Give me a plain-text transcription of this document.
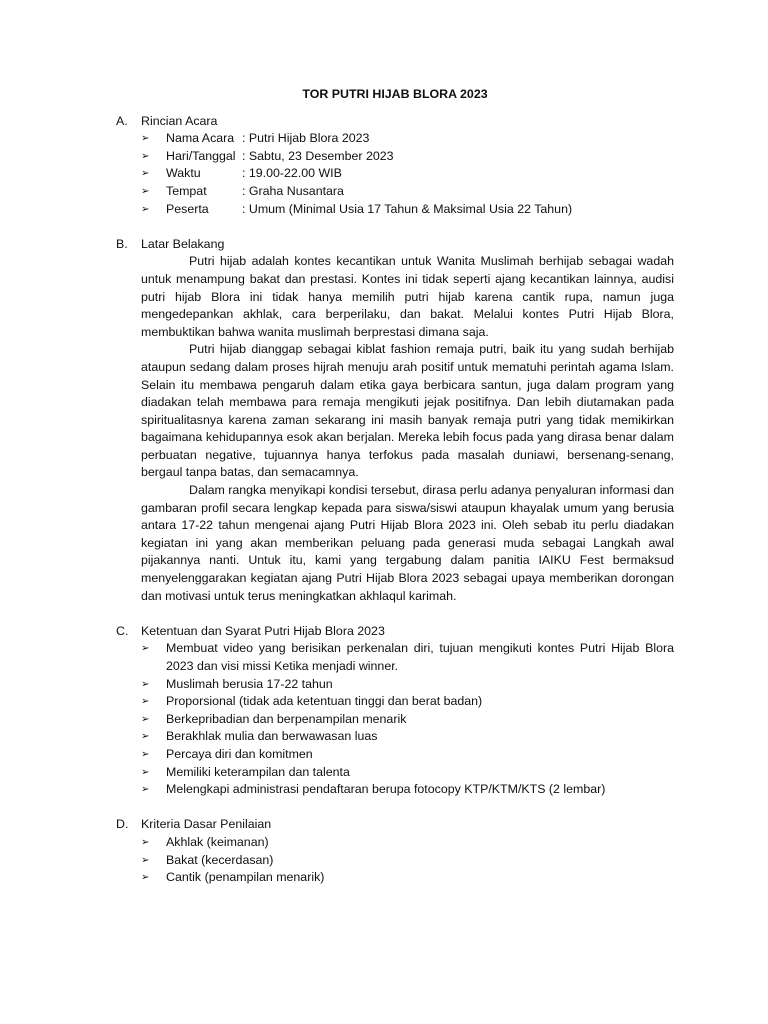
TOR PUTRI HIJAB BLORA 2023
A.	Rincian Acara
➢	Nama Acara : Putri Hijab Blora 2023
➢	Hari/Tanggal : Sabtu, 23 Desember 2023
➢	Waktu	: 19.00-22.00 WIB
➢	Tempat	: Graha Nusantara
➢	Peserta	: Umum (Minimal Usia 17 Tahun & Maksimal Usia 22 Tahun)
B.	Latar Belakang

Putri hijab adalah kontes kecantikan untuk Wanita Muslimah berhijab sebagai wadah untuk menampung bakat dan prestasi. Kontes ini tidak seperti ajang kecantikan lainnya, audisi putri hijab Blora ini tidak hanya memilih putri hijab karena cantik rupa, namun juga mengedepankan akhlak, cara berperilaku, dan bakat. Melalui kontes Putri Hijab Blora, membuktikan bahwa wanita muslimah berprestasi dimana saja.

Putri hijab dianggap sebagai kiblat fashion remaja putri, baik itu yang sudah berhijab ataupun sedang dalam proses hijrah menuju arah positif untuk mematuhi perintah agama Islam. Selain itu membawa pengaruh dalam etika gaya berbicara santun, juga dalam program yang diadakan telah membawa para remaja mengikuti jejak positifnya. Dan lebih diutamakan pada spiritualitasnya karena zaman sekarang ini masih banyak remaja putri yang tidak memikirkan bagaimana kehidupannya esok akan berjalan. Mereka lebih focus pada yang dirasa benar dalam perbuatan negative, tujuannya hanya terfokus pada masalah duniawi, bersenang-senang, bergaul tanpa batas, dan semacamnya.

Dalam rangka menyikapi kondisi tersebut, dirasa perlu adanya penyaluran informasi dan gambaran profil secara lengkap kepada para siswa/siswi ataupun khayalak umum yang berusia antara 17-22 tahun mengenai ajang Putri Hijab Blora 2023 ini. Oleh sebab itu perlu diadakan kegiatan ini yang akan memberikan peluang pada generasi muda sebagai Langkah awal pijakannya nanti. Untuk itu, kami yang tergabung dalam panitia IAIKU Fest bermaksud menyelenggarakan kegiatan ajang Putri Hijab Blora 2023 sebagai upaya memberikan dorongan dan motivasi untuk terus meningkatkan akhlaqul karimah.

C.	Ketentuan dan Syarat Putri Hijab Blora 2023
➢	Membuat video yang berisikan perkenalan diri, tujuan mengikuti kontes Putri Hijab Blora 2023 dan visi missi Ketika menjadi winner.
➢	Muslimah berusia 17-22 tahun
➢	Proporsional (tidak ada ketentuan tinggi dan berat badan)
➢	Berkepribadian dan berpenampilan menarik
➢	Berakhlak mulia dan berwawasan luas
➢	Percaya diri dan komitmen
➢	Memiliki keterampilan dan talenta
➢	Melengkapi administrasi pendaftaran berupa fotocopy KTP/KTM/KTS (2 lembar)
D.	Kriteria Dasar Penilaian
➢	Akhlak (keimanan)
➢	Bakat (kecerdasan)
➢	Cantik (penampilan menarik)
